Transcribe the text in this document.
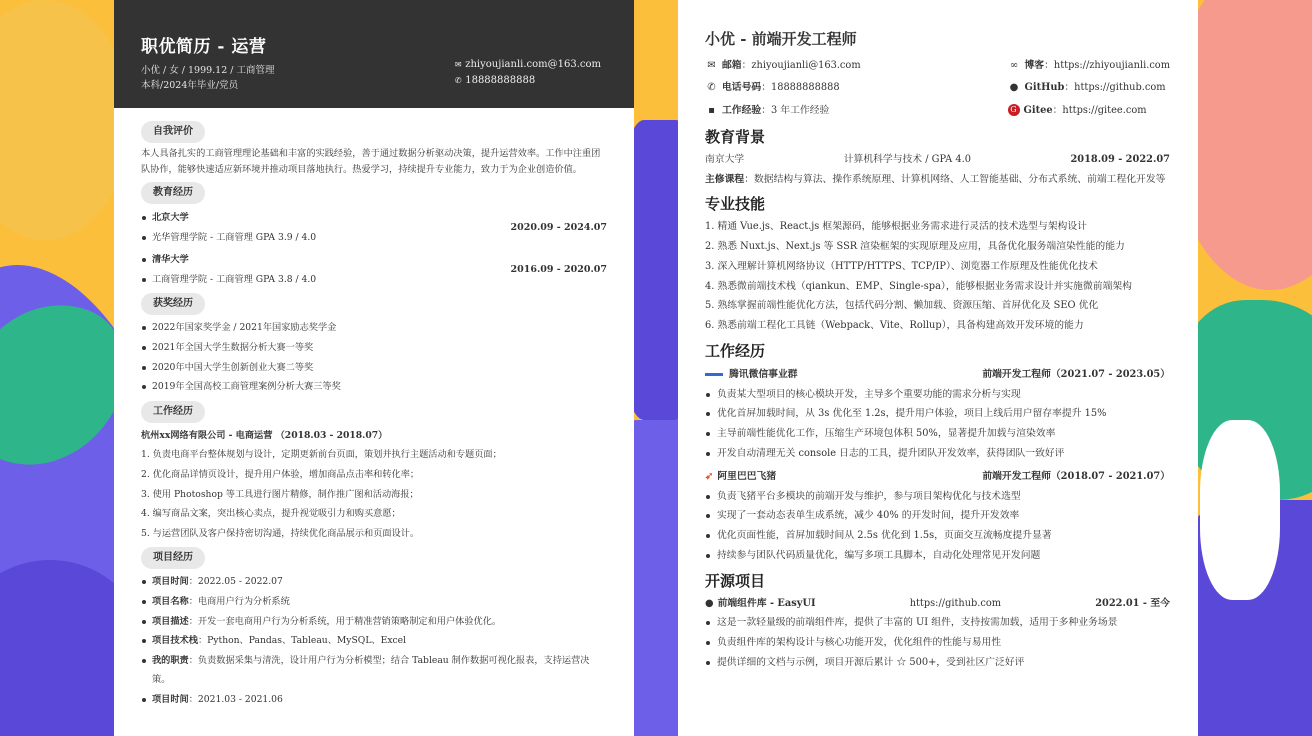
职优简历 - 运营
小优 / 女 / 1999.12 / 工商管理
本科/2024年毕业/党员
✉ zhiyoujianli.com@163.com
✆ 18888888888
自我评价

本人具备扎实的工商管理理论基础和丰富的实践经验，善于通过数据分析驱动决策，提升运营效率。工作中注重团队协作，能够快速适应新环境并推动项目落地执行。热爱学习，持续提升专业能力，致力于为企业创造价值。

教育经历
北京大学
光华管理学院 - 工商管理 GPA 3.9 / 4.0
2020.09 - 2024.07
清华大学
工商管理学院 - 工商管理 GPA 3.8 / 4.0
2016.09 - 2020.07
获奖经历
2022年国家奖学金 / 2021年国家励志奖学金
2021年全国大学生数据分析大赛一等奖
2020年中国大学生创新创业大赛二等奖
2019年全国高校工商管理案例分析大赛三等奖
工作经历
杭州xx网络有限公司 - 电商运营 （2018.03 - 2018.07）
1. 负责电商平台整体规划与设计，定期更新前台页面，策划并执行主题活动和专题页面；
2. 优化商品详情页设计，提升用户体验，增加商品点击率和转化率；
3. 使用 Photoshop 等工具进行图片精修，制作推广图和活动海报；
4. 编写商品文案，突出核心卖点，提升视觉吸引力和购买意愿；
5. 与运营团队及客户保持密切沟通，持续优化商品展示和页面设计。
项目经历
项目时间：2022.05 - 2022.07
项目名称：电商用户行为分析系统
项目描述：开发一套电商用户行为分析系统，用于精准营销策略制定和用户体验优化。
项目技术栈：Python、Pandas、Tableau、MySQL、Excel
我的职责：负责数据采集与清洗，设计用户行为分析模型；结合 Tableau 制作数据可视化报表，支持运营决策。
项目时间：2021.03 - 2021.06
小优 - 前端开发工程师
✉ 邮箱：zhiyoujianli@163.com
✆ 电话号码：18888888888
▪ 工作经验：3 年工作经验
∞ 博客：https://zhiyoujianli.com
● GitHub：https://github.com
G Gitee：https://gitee.com
教育背景
南京大学	计算机科学与技术 / GPA 4.0	2018.09 - 2022.07
主修课程：数据结构与算法、操作系统原理、计算机网络、人工智能基础、分布式系统、前端工程化开发等
专业技能
1. 精通 Vue.js、React.js 框架源码，能够根据业务需求进行灵活的技术选型与架构设计
2. 熟悉 Nuxt.js、Next.js 等 SSR 渲染框架的实现原理及应用，具备优化服务端渲染性能的能力
3. 深入理解计算机网络协议（HTTP/HTTPS、TCP/IP）、浏览器工作原理及性能优化技术
4. 熟悉微前端技术栈（qiankun、EMP、Single-spa），能够根据业务需求设计并实施微前端架构
5. 熟练掌握前端性能优化方法，包括代码分割、懒加载、资源压缩、首屏优化及 SEO 优化
6. 熟悉前端工程化工具链（Webpack、Vite、Rollup），具备构建高效开发环境的能力
工作经历
腾讯微信事业群	前端开发工程师（2021.07 - 2023.05）
负责某大型项目的核心模块开发，主导多个重要功能的需求分析与实现
优化首屏加载时间，从 3s 优化至 1.2s，提升用户体验，项目上线后用户留存率提升 15%
主导前端性能优化工作，压缩生产环境包体积 50%，显著提升加载与渲染效率
开发自动清理无关 console 日志的工具，提升团队开发效率，获得团队一致好评
➹ 阿里巴巴飞猪	前端开发工程师（2018.07 - 2021.07）
负责飞猪平台多模块的前端开发与维护，参与项目架构优化与技术选型
实现了一套动态表单生成系统，减少 40% 的开发时间，提升开发效率
优化页面性能，首屏加载时间从 2.5s 优化到 1.5s，页面交互流畅度提升显著
持续参与团队代码质量优化，编写多项工具脚本，自动化处理常见开发问题
开源项目
● 前端组件库 - EasyUI	https://github.com	2022.01 - 至今
这是一款轻量级的前端组件库，提供了丰富的 UI 组件，支持按需加载，适用于多种业务场景
负责组件库的架构设计与核心功能开发，优化组件的性能与易用性
提供详细的文档与示例，项目开源后累计 ☆ 500+，受到社区广泛好评
